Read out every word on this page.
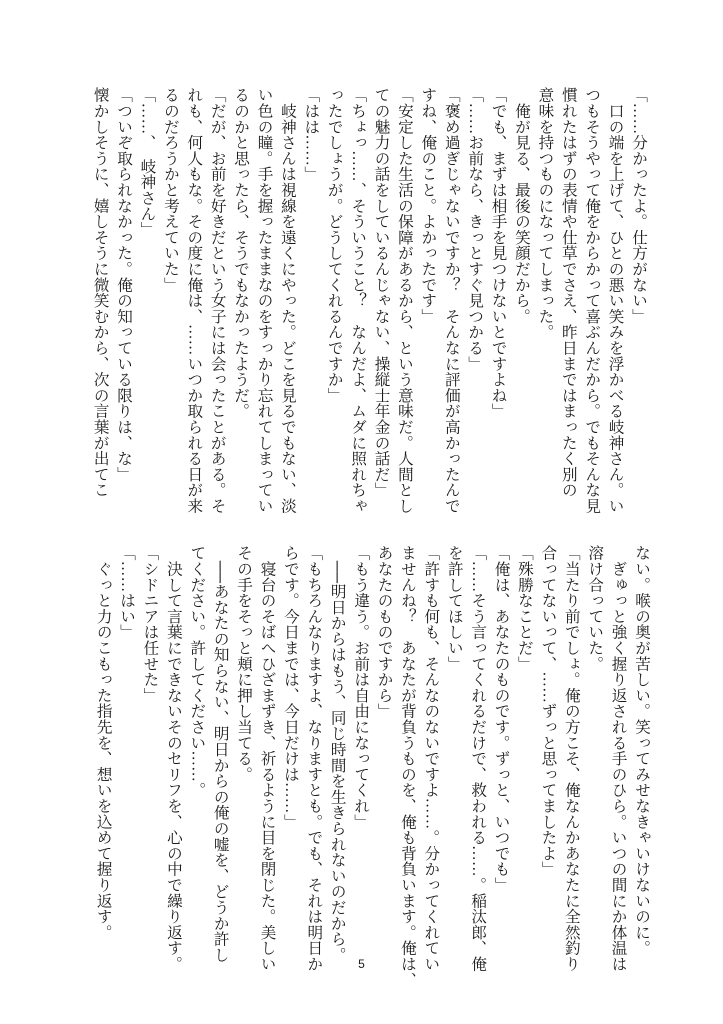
「……分かったよ。仕方がない」
　口の端を上げて、ひとの悪い笑みを浮かべる岐神さん。い
つもそうやって俺をからかって喜ぶんだから。でもそんな見
慣れたはずの表情や仕草でさえ、昨日まではまったく別の
意味を持つものになってしまった。
　俺が見る、最後の笑顔だから。
「でも、まずは相手を見つけないとですよね」
「……お前なら、きっとすぐ見つかる」
「褒め過ぎじゃないですか？　そんなに評価が高かったんで
すね、俺のこと。よかったです」
「安定した生活の保障があるから、という意味だ。人間とし
ての魅力の話をしているんじゃない、操縦士年金の話だ」
「ちょっ……、そういうこと？　なんだよ、ムダに照れちゃ
ったでしょうが。どうしてくれるんですか」
「はは……」
　岐神さんは視線を遠くにやった。どこを見るでもない、淡
い色の瞳。手を握ったままなのをすっかり忘れてしまってい
るのかと思ったら、そうでもなかったようだ。
「だが、お前を好きだという女子には会ったことがある。そ
れも、何人もな。その度に俺は、……いつか取られる日が来
るのだろうかと考えていた」
「……、　岐神さん」
「ついぞ取られなかった。俺の知っている限りは、な」
懐かしそうに、嬉しそうに微笑むから、次の言葉が出てこ
ない。喉の奥が苦しい。笑ってみせなきゃいけないのに。
　ぎゅっと強く握り返される手のひら。いつの間にか体温は
溶け合っていた。
「当たり前でしょ。俺の方こそ、俺なんかあなたに全然釣り
合ってないって、……ずっと思ってましたよ」
「殊勝なことだ」
「俺は、あなたのものです。ずっと、いつでも」
「……そう言ってくれるだけで、救われる……。稲汰郎、俺
を許してほしい」
「許すも何も、そんなのないですよ……。分かってくれてい
ませんね？　あなたが背負うものを、俺も背負います。俺は、
あなたのものですから」
「もう違う。お前は自由になってくれ」
　──明日からはもう、同じ時間を生きられないのだから。
「もちろんなりますよ、なりますとも。でも、それは明日か
らです。今日までは、今日だけは……」
　寝台のそばへひざまずき、祈るように目を閉じた。美しい
その手をそっと頬に押し当てる。
　──あなたの知らない、明日からの俺の嘘を、どうか許し
てください。許してください……。
　決して言葉にできないそのセリフを、心の中で繰り返す。
「シドニアは任せた」
「……はい」
　ぐっと力のこもった指先を、想いを込めて握り返す。
5
